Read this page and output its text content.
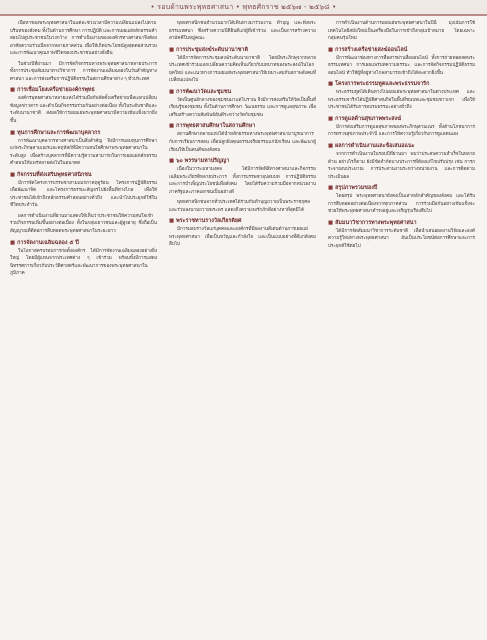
• รอบด้านพระพุทธศาสนา • พุทธศักราช ๒๕๖๗ - ๒๕๖๘ •
เนื้อหาของพระพุทธศาสนาในแต่ละช่วงเวลามีความเปลี่ยนแปลงไปตามบริบทของสังคม ทั้งในด้านการศึกษา การปฏิบัติ และการเผยแผ่หลักธรรมคำสอนไปสู่ประชาชนในวงกว้าง การดำเนินงานขององค์กรทางศาสนาจึงต้องอาศัยความร่วมมือจากหลายภาคส่วน เพื่อให้เกิดประโยชน์สูงสุดต่อส่วนรวมและการพัฒนาคุณภาพชีวิตของประชาชนอย่างยั่งยืน
ในช่วงปีที่ผ่านมา มีการจัดกิจกรรมทางพระพุทธศาสนาหลายประการ ทั้งการประชุมสัมมนาทางวิชาการ การจัดงานเฉลิมฉลองในวันสำคัญทางศาสนา และการส่งเสริมการปฏิบัติธรรมในสถานศึกษาต่าง ๆ ทั่วประเทศ
■ การเชื่อมโยงเครือข่ายองค์กรพุทธ
องค์กรพุทธศาสนาหลายแห่งได้ร่วมมือกันจัดตั้งเครือข่ายเพื่อแลกเปลี่ยนข้อมูลข่าวสาร และดำเนินกิจกรรมร่วมกันอย่างต่อเนื่อง ทั้งในระดับชาติและระดับนานาชาติ ส่งผลให้การเผยแผ่พระพุทธศาสนามีความเข้มแข็งมากยิ่งขึ้น
■ ทุนการศึกษาและการพัฒนาบุคลากร
การพัฒนาบุคลากรทางศาสนาเป็นสิ่งสำคัญ จึงมีการมอบทุนการศึกษาแก่พระภิกษุสามเณรและคฤหัสถ์ที่มีความสนใจศึกษาพระพุทธศาสนาในระดับสูง เพื่อสร้างบุคลากรที่มีความรู้ความสามารถในการเผยแผ่หลักธรรมคำสอนให้แพร่หลายต่อไปในอนาคต
■ กิจกรรมที่ส่งเสริมพุทธศาสนิกชน
มีการจัดโครงการบรรพชาสามเณรภาคฤดูร้อน โครงการปฏิบัติธรรมเพื่อพัฒนาจิต และโครงการธรรมะสัญจรไปยังพื้นที่ห่างไกล เพื่อให้ประชาชนได้เข้าถึงหลักธรรมคำสอนอย่างทั่วถึง และนำไปประยุกต์ใช้ในชีวิตประจำวัน
ผลการดำเนินงานที่ผ่านมาแสดงให้เห็นว่าประชาชนให้ความสนใจเข้าร่วมกิจกรรมเพิ่มขึ้นอย่างต่อเนื่อง ทั้งในกลุ่มเยาวชนและผู้สูงอายุ ซึ่งถือเป็นสัญญาณที่ดีต่อการสืบทอดพระพุทธศาสนาในระยะยาว
■ การจัดงานเฉลิมฉลอง ๕ ปี
ในโอกาสครบรอบการก่อตั้งองค์กร ได้มีการจัดงานเฉลิมฉลองอย่างยิ่งใหญ่ โดยมีผู้แทนจากประเทศต่าง ๆ เข้าร่วม พร้อมทั้งมีการแสดงนิทรรศการเกี่ยวกับประวัติศาสตร์และพัฒนาการของพระพุทธศาสนาในภูมิภาค
พุทธศาสนิกชนจำนวนมากได้เดินทางมาร่วมงาน ทำบุญ และฟังพระธรรมเทศนา ซึ่งสร้างความปีติยินดีแก่ผู้ที่เข้าร่วม และเป็นการสร้างความสามัคคีในหมู่คณะ
■ การประชุมสงฆ์ระดับนานาชาติ
ได้มีการจัดการประชุมสงฆ์ระดับนานาชาติ โดยมีพระภิกษุจากหลายประเทศเข้าร่วมแลกเปลี่ยนความคิดเห็นเกี่ยวกับบทบาทของพระสงฆ์ในโลกยุคใหม่ และแนวทางการเผยแผ่พระพุทธศาสนาให้เหมาะสมกับสภาพสังคมที่เปลี่ยนแปลงไป
■ การพัฒนาวัดและชุมชน
วัดเป็นศูนย์กลางของชุมชนมาแต่โบราณ จึงมีการส่งเสริมให้วัดเป็นพื้นที่เรียนรู้ของชุมชน ทั้งในด้านการศึกษา วัฒนธรรม และการดูแลสุขภาพ เพื่อเสริมสร้างความสัมพันธ์อันดีระหว่างวัดกับชุมชน
■ การพุทธศาสนศึกษาในสถานศึกษา
สถานศึกษาหลายแห่งได้นำหลักธรรมทางพระพุทธศาสนามาบูรณาการกับการเรียนการสอน เพื่อปลูกฝังคุณธรรมจริยธรรมแก่นักเรียน และพัฒนาผู้เรียนให้เป็นคนดีของสังคม
■ ๖๐ พรรษามหาปริญญา
เนื่องในวาระมหามงคล ได้มีการจัดพิธีทางศาสนาและกิจกรรมเฉลิมพระเกียรติหลายประการ ทั้งการบรรพชาอุปสมบท การปฏิบัติธรรม และการบำเพ็ญประโยชน์เพื่อสังคม โดยได้รับความร่วมมือจากหน่วยงานภาครัฐและภาคเอกชนเป็นอย่างดี
พุทธศาสนิกชนจากทั่วประเทศได้ร่วมกันทำบุญถวายเป็นพระราชกุศล และร่วมลงนามถวายพระพร แสดงถึงความจงรักภักดีอย่างหาที่สุดมิได้
■ พระราชทานรางวัลเกียรติยศ
มีการมอบรางวัลแก่บุคคลและองค์กรที่มีผลงานดีเด่นด้านการเผยแผ่พระพุทธศาสนา เพื่อเป็นขวัญและกำลังใจ และเป็นแบบอย่างที่ดีแก่สังคมสืบไป
การดำเนินงานด้านการเผยแผ่พระพุทธศาสนาในปีนี้ มุ่งเน้นการใช้เทคโนโลยีสมัยใหม่เป็นเครื่องมือในการเข้าถึงกลุ่มเป้าหมาย โดยเฉพาะกลุ่มคนรุ่นใหม่
■ การสร้างเครือข่ายสงฆ์ออนไลน์
มีการพัฒนาช่องทางการสื่อสารผ่านสื่อออนไลน์ ทั้งการถ่ายทอดสดพระธรรมเทศนา การเผยแพร่บทความธรรมะ และการจัดกิจกรรมปฏิบัติธรรมออนไลน์ ทำให้ผู้ที่อยู่ห่างไกลสามารถเข้าถึงได้สะดวกยิ่งขึ้น
■ โครงการพระธรรมทูตและพระธรรมจาริก
พระธรรมทูตได้เดินทางไปเผยแผ่พระพุทธศาสนาในต่างประเทศ และพระธรรมจาริกได้ปฏิบัติศาสนกิจในพื้นที่ชนบทและชุมชนชาวเขา เพื่อให้ประชาชนได้รับการอบรมธรรมะอย่างทั่วถึง
■ การดูแลด้านสุขภาพพระสงฆ์
มีการส่งเสริมการดูแลสุขภาพของพระภิกษุสามเณร ทั้งด้านโภชนาการ การตรวจสุขภาพประจำปี และการให้ความรู้เกี่ยวกับการดูแลตนเอง
■ ผลการดำเนินงานและข้อเสนอแนะ
จากการดำเนินงานในรอบปีที่ผ่านมา พบว่าประสบความสำเร็จในหลายด้าน อย่างไรก็ตาม ยังมีข้อจำกัดบางประการที่ต้องแก้ไขปรับปรุง เช่น การกระจายงบประมาณ การประสานงานระหว่างหน่วยงาน และการติดตามประเมินผล
■ สรุปภาพรวมของปี
โดยสรุป พระพุทธศาสนายังคงเป็นเสาหลักสำคัญของสังคม และได้รับการสืบทอดอย่างต่อเนื่องจากทุกภาคส่วน การร่วมมือกันอย่างเข้มแข็งจะช่วยให้พระพุทธศาสนาดำรงอยู่และเจริญรุ่งเรืองสืบไป
■ สัมมนาวิชาการทางพระพุทธศาสนา
ได้มีการจัดสัมมนาวิชาการระดับชาติ เพื่อนำเสนอผลงานวิจัยและองค์ความรู้ใหม่ทางพระพุทธศาสนา อันเป็นประโยชน์ต่อการศึกษาและการประยุกต์ใช้ต่อไป
